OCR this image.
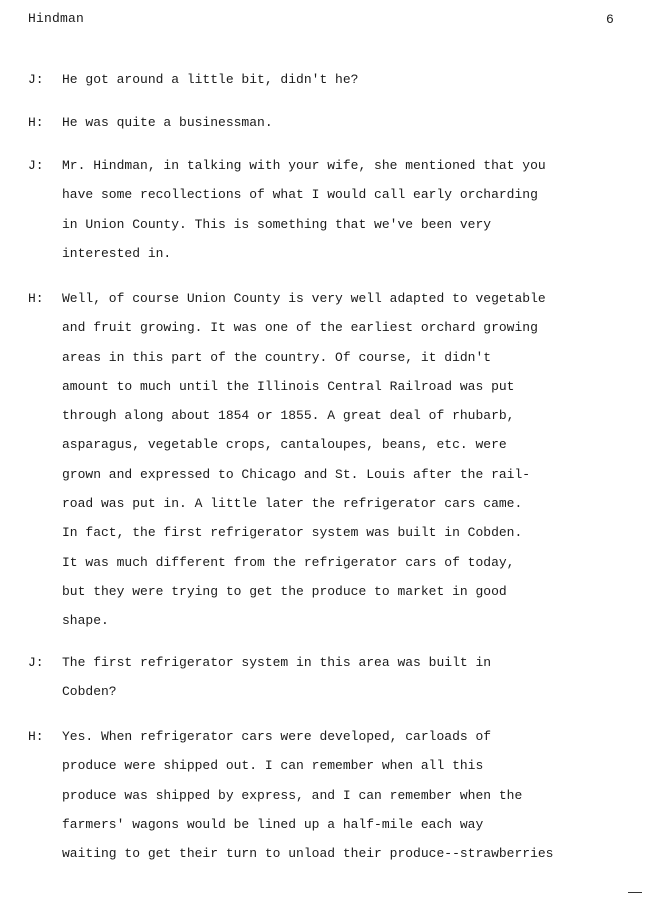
Hindman	6
J: He got around a little bit, didn't he?
H: He was quite a businessman.
J: Mr. Hindman, in talking with your wife, she mentioned that you
have some recollections of what I would call early orcharding
in Union County. This is something that we've been very
interested in.
H: Well, of course Union County is very well adapted to vegetable
and fruit growing. It was one of the earliest orchard growing
areas in this part of the country. Of course, it didn't
amount to much until the Illinois Central Railroad was put
through along about 1854 or 1855. A great deal of rhubarb,
asparagus, vegetable crops, cantaloupes, beans, etc. were
grown and expressed to Chicago and St. Louis after the rail-
road was put in. A little later the refrigerator cars came.
In fact, the first refrigerator system was built in Cobden.
It was much different from the refrigerator cars of today,
but they were trying to get the produce to market in good
shape.
J: The first refrigerator system in this area was built in
Cobden?
H: Yes. When refrigerator cars were developed, carloads of
produce were shipped out. I can remember when all this
produce was shipped by express, and I can remember when the
farmers' wagons would be lined up a half-mile each way
waiting to get their turn to unload their produce--strawberries
